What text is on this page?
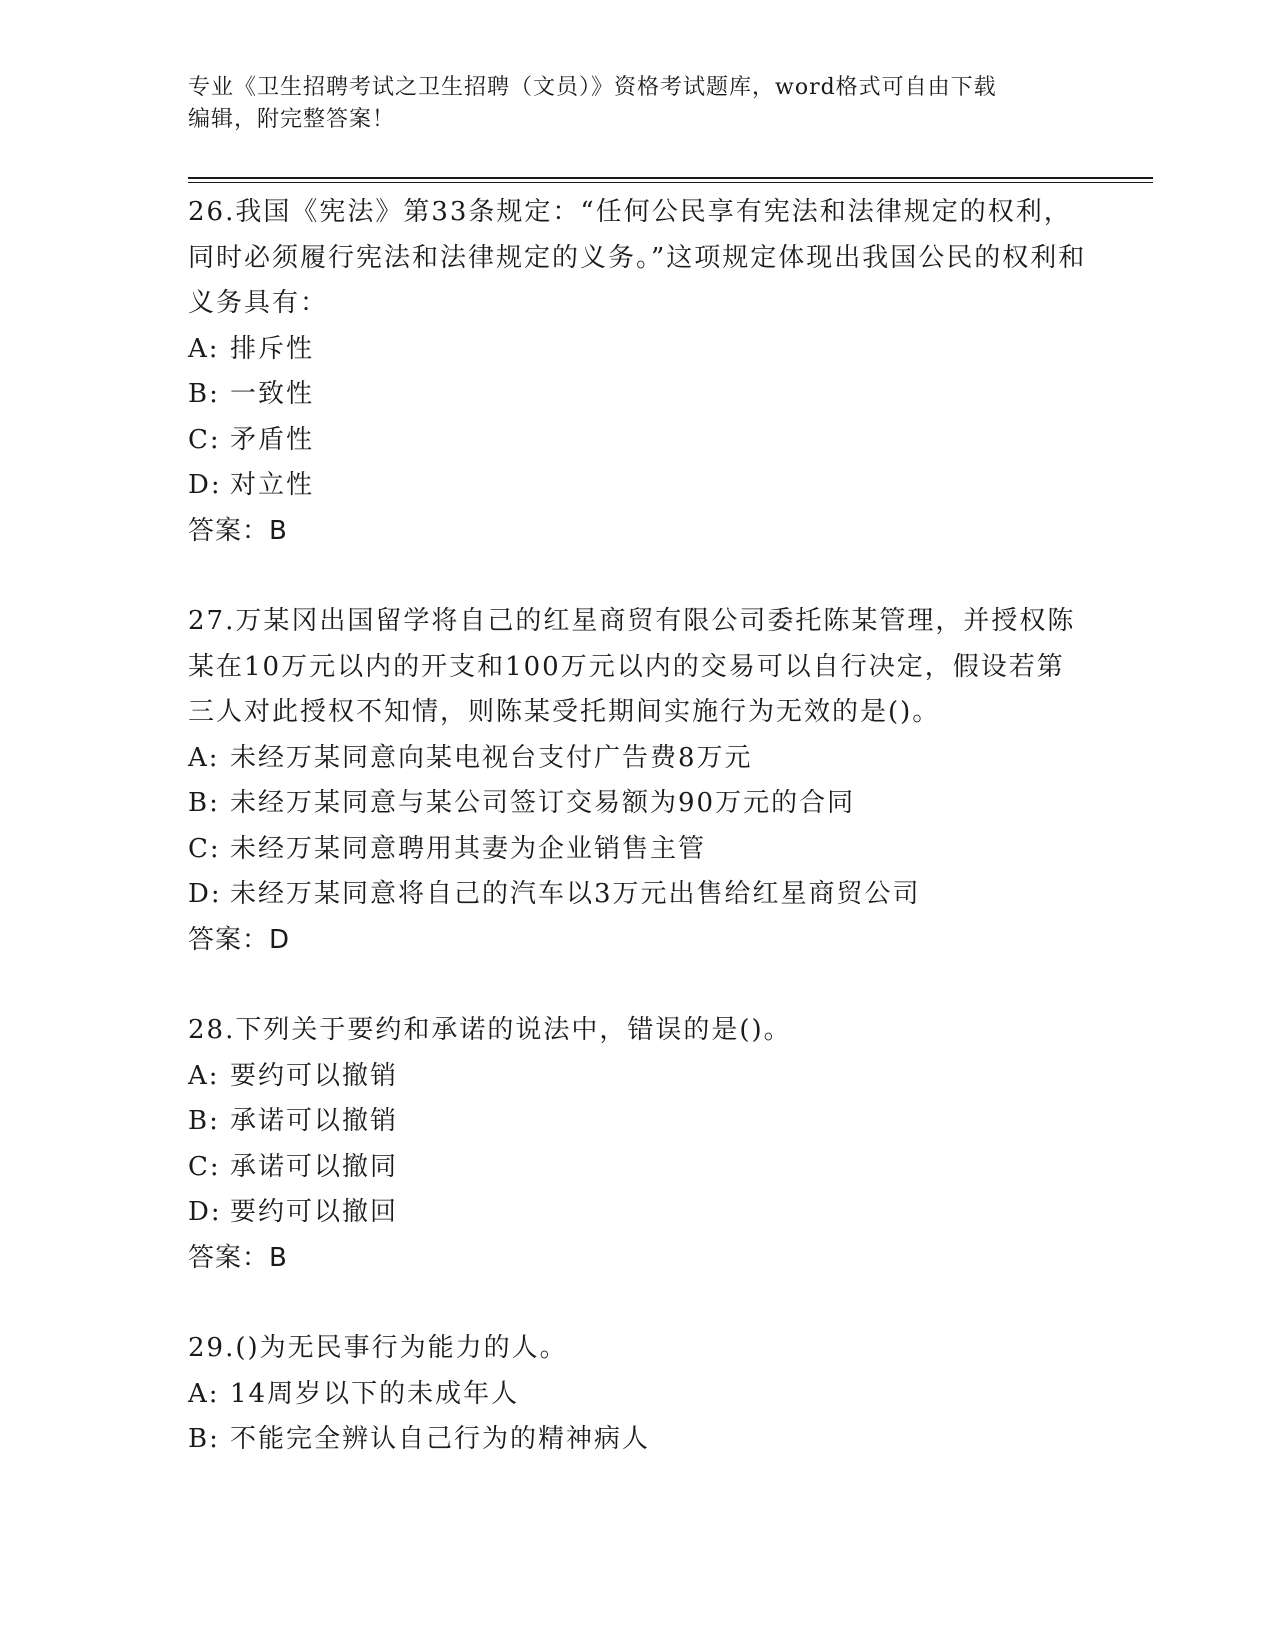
专业《卫生招聘考试之卫生招聘（文员）》资格考试题库，word格式可自由下载
编辑，附完整答案！

26.我国《宪法》第33条规定：“任何公民享有宪法和法律规定的权利，同时必须履行宪法和法律规定的义务。”这项规定体现出我国公民的权利和义务具有：

A: 排斥性
B: 一致性
C: 矛盾性
D: 对立性
答案：B

27.万某冈出国留学将自己的红星商贸有限公司委托陈某管理，并授权陈某在10万元以内的开支和100万元以内的交易可以自行决定，假设若第三人对此授权不知情，则陈某受托期间实施行为无效的是()。

A: 未经万某同意向某电视台支付广告费8万元
B: 未经万某同意与某公司签订交易额为90万元的合同
C: 未经万某同意聘用其妻为企业销售主管
D: 未经万某同意将自己的汽车以3万元出售给红星商贸公司
答案：D

28.下列关于要约和承诺的说法中，错误的是()。

A: 要约可以撤销
B: 承诺可以撤销
C: 承诺可以撤同
D: 要约可以撤回
答案：B

29.()为无民事行为能力的人。

A: 14周岁以下的未成年人
B: 不能完全辨认自己行为的精神病人
